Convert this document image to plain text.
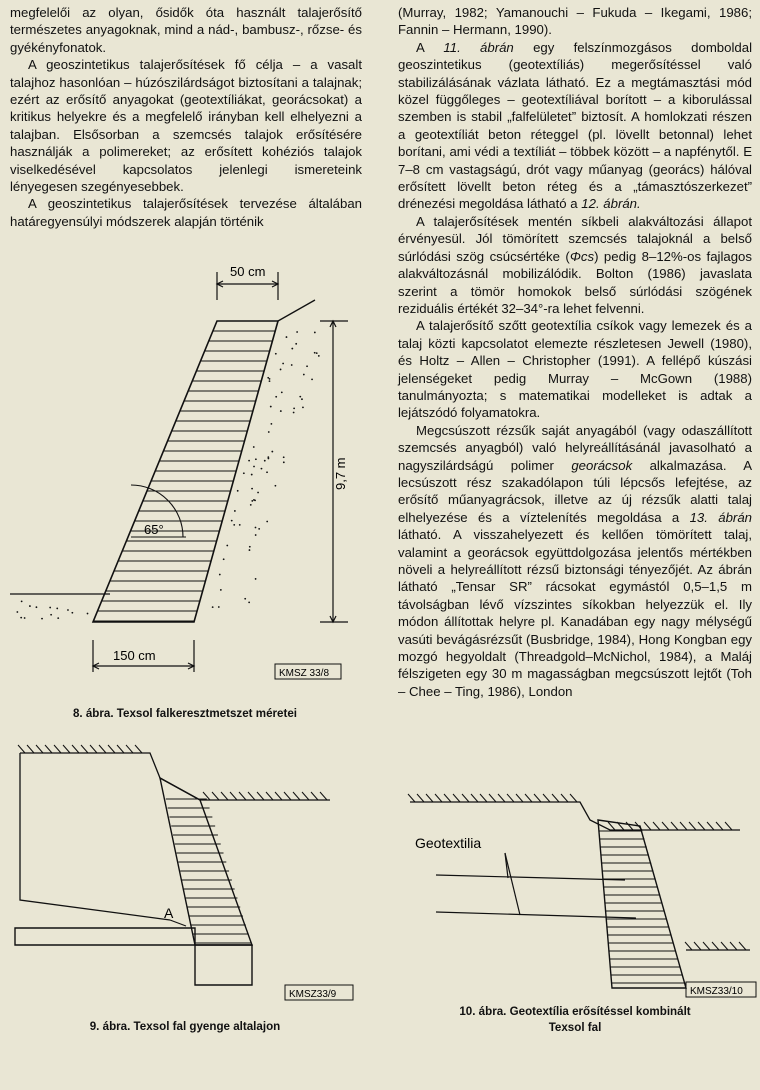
megfelelői az olyan, ősidők óta használt talajerősítő természetes anyagoknak, mind a nád-, bambusz-, rőzse- és gyékényfonatok.

A geoszintetikus talajerősítések fő célja – a vasalt talajhoz hasonlóan – húzószilárdságot biztosítani a talajnak; ezért az erősítő anyagokat (geotextíliákat, georácsokat) a kritikus helyekre és a megfelelő irányban kell elhelyezni a talajban. Elsősorban a szemcsés talajok erősítésére használják a polimereket; az erősített kohéziós talajok viselkedésével kapcsolatos jelenlegi ismereteink lényegesen szegényesebbek.

A geoszintetikus talajerősítések tervezése általában határegyensúlyi módszerek alapján történik

(Murray, 1982; Yamanouchi – Fukuda – Ikegami, 1986; Fannin – Hermann, 1990).

A 11. ábrán egy felszínmozgásos domboldal geoszintetikus (geotextíliás) megerősítéssel való stabilizálásának vázlata látható. Ez a megtámasztási mód közel függőleges – geotextíliával borított – a kiborulással szemben is stabil „falfelületet” biztosít. A homlokzati részen a geotextíliát beton réteggel (pl. lövellt betonnal) lehet borítani, ami védi a textíliát – többek között – a napfénytől. E 7–8 cm vastagságú, drót vagy műanyag (georács) hálóval erősített lövellt beton réteg és a „támasztószerkezet” drénezési megoldása látható a 12. ábrán.

A talajerősítések mentén síkbeli alakváltozási állapot érvényesül. Jól tömörített szemcsés talajoknál a belső súrlódási szög csúcsértéke (Φcs) pedig 8–12%-os fajlagos alakváltozásnál mobilizálódik. Bolton (1986) javaslata szerint a tömör homokok belső súrlódási szögének reziduális értékét 32–34°-ra lehet felvenni.

A talajerősítő szőtt geotextília csíkok vagy lemezek és a talaj közti kapcsolatot elemezte részletesen Jewell (1980), és Holtz – Allen – Christopher (1991). A fellépő kúszási jelenségeket pedig Murray – McGown (1988) tanulmányozta; s matematikai modelleket is adtak a lejátszódó folyamatokra.

Megcsúszott rézsűk saját anyagából (vagy odaszállított szemcsés anyagból) való helyreállításánál javasolható a nagyszilárdságú polimer georácsok alkalmazása. A lecsúszott rész szakadólapon túli lépcsős lefejtése, az erősítő műanyagrácsok, illetve az új rézsűk alatti talaj elhelyezése és a víztelenítés megoldása a 13. ábrán látható. A visszahelyezett és kellően tömörített talaj, valamint a georácsok együttdolgozása jelentős mértékben növeli a helyreállított rézsű biztonsági tényezőjét. Az ábrán látható „Tensar SR” rácsokat egymástól 0,5–1,5 m távolságban lévő vízszintes síkokban helyezzük el. Ily módon állítottak helyre pl. Kanadában egy nagy mélységű vasúti bevágásrézsűt (Busbridge, 1984), Hong Kongban egy mozgó hegyoldalt (Threadgold–McNichol, 1984), a Maláj félszigeten egy 30 m magasságban megcsúszott lejtőt (Toh – Chee – Ting, 1986), London

50 cm
9,7 m
65°
150 cm
KMSZ 33/8
8. ábra. Texsol falkeresztmetszet méretei
A
KMSZ33/9
9. ábra. Texsol fal gyenge altalajon
Geotextilia
KMSZ33/10
10. ábra. Geotextília erősítéssel kombinált
Texsol fal
